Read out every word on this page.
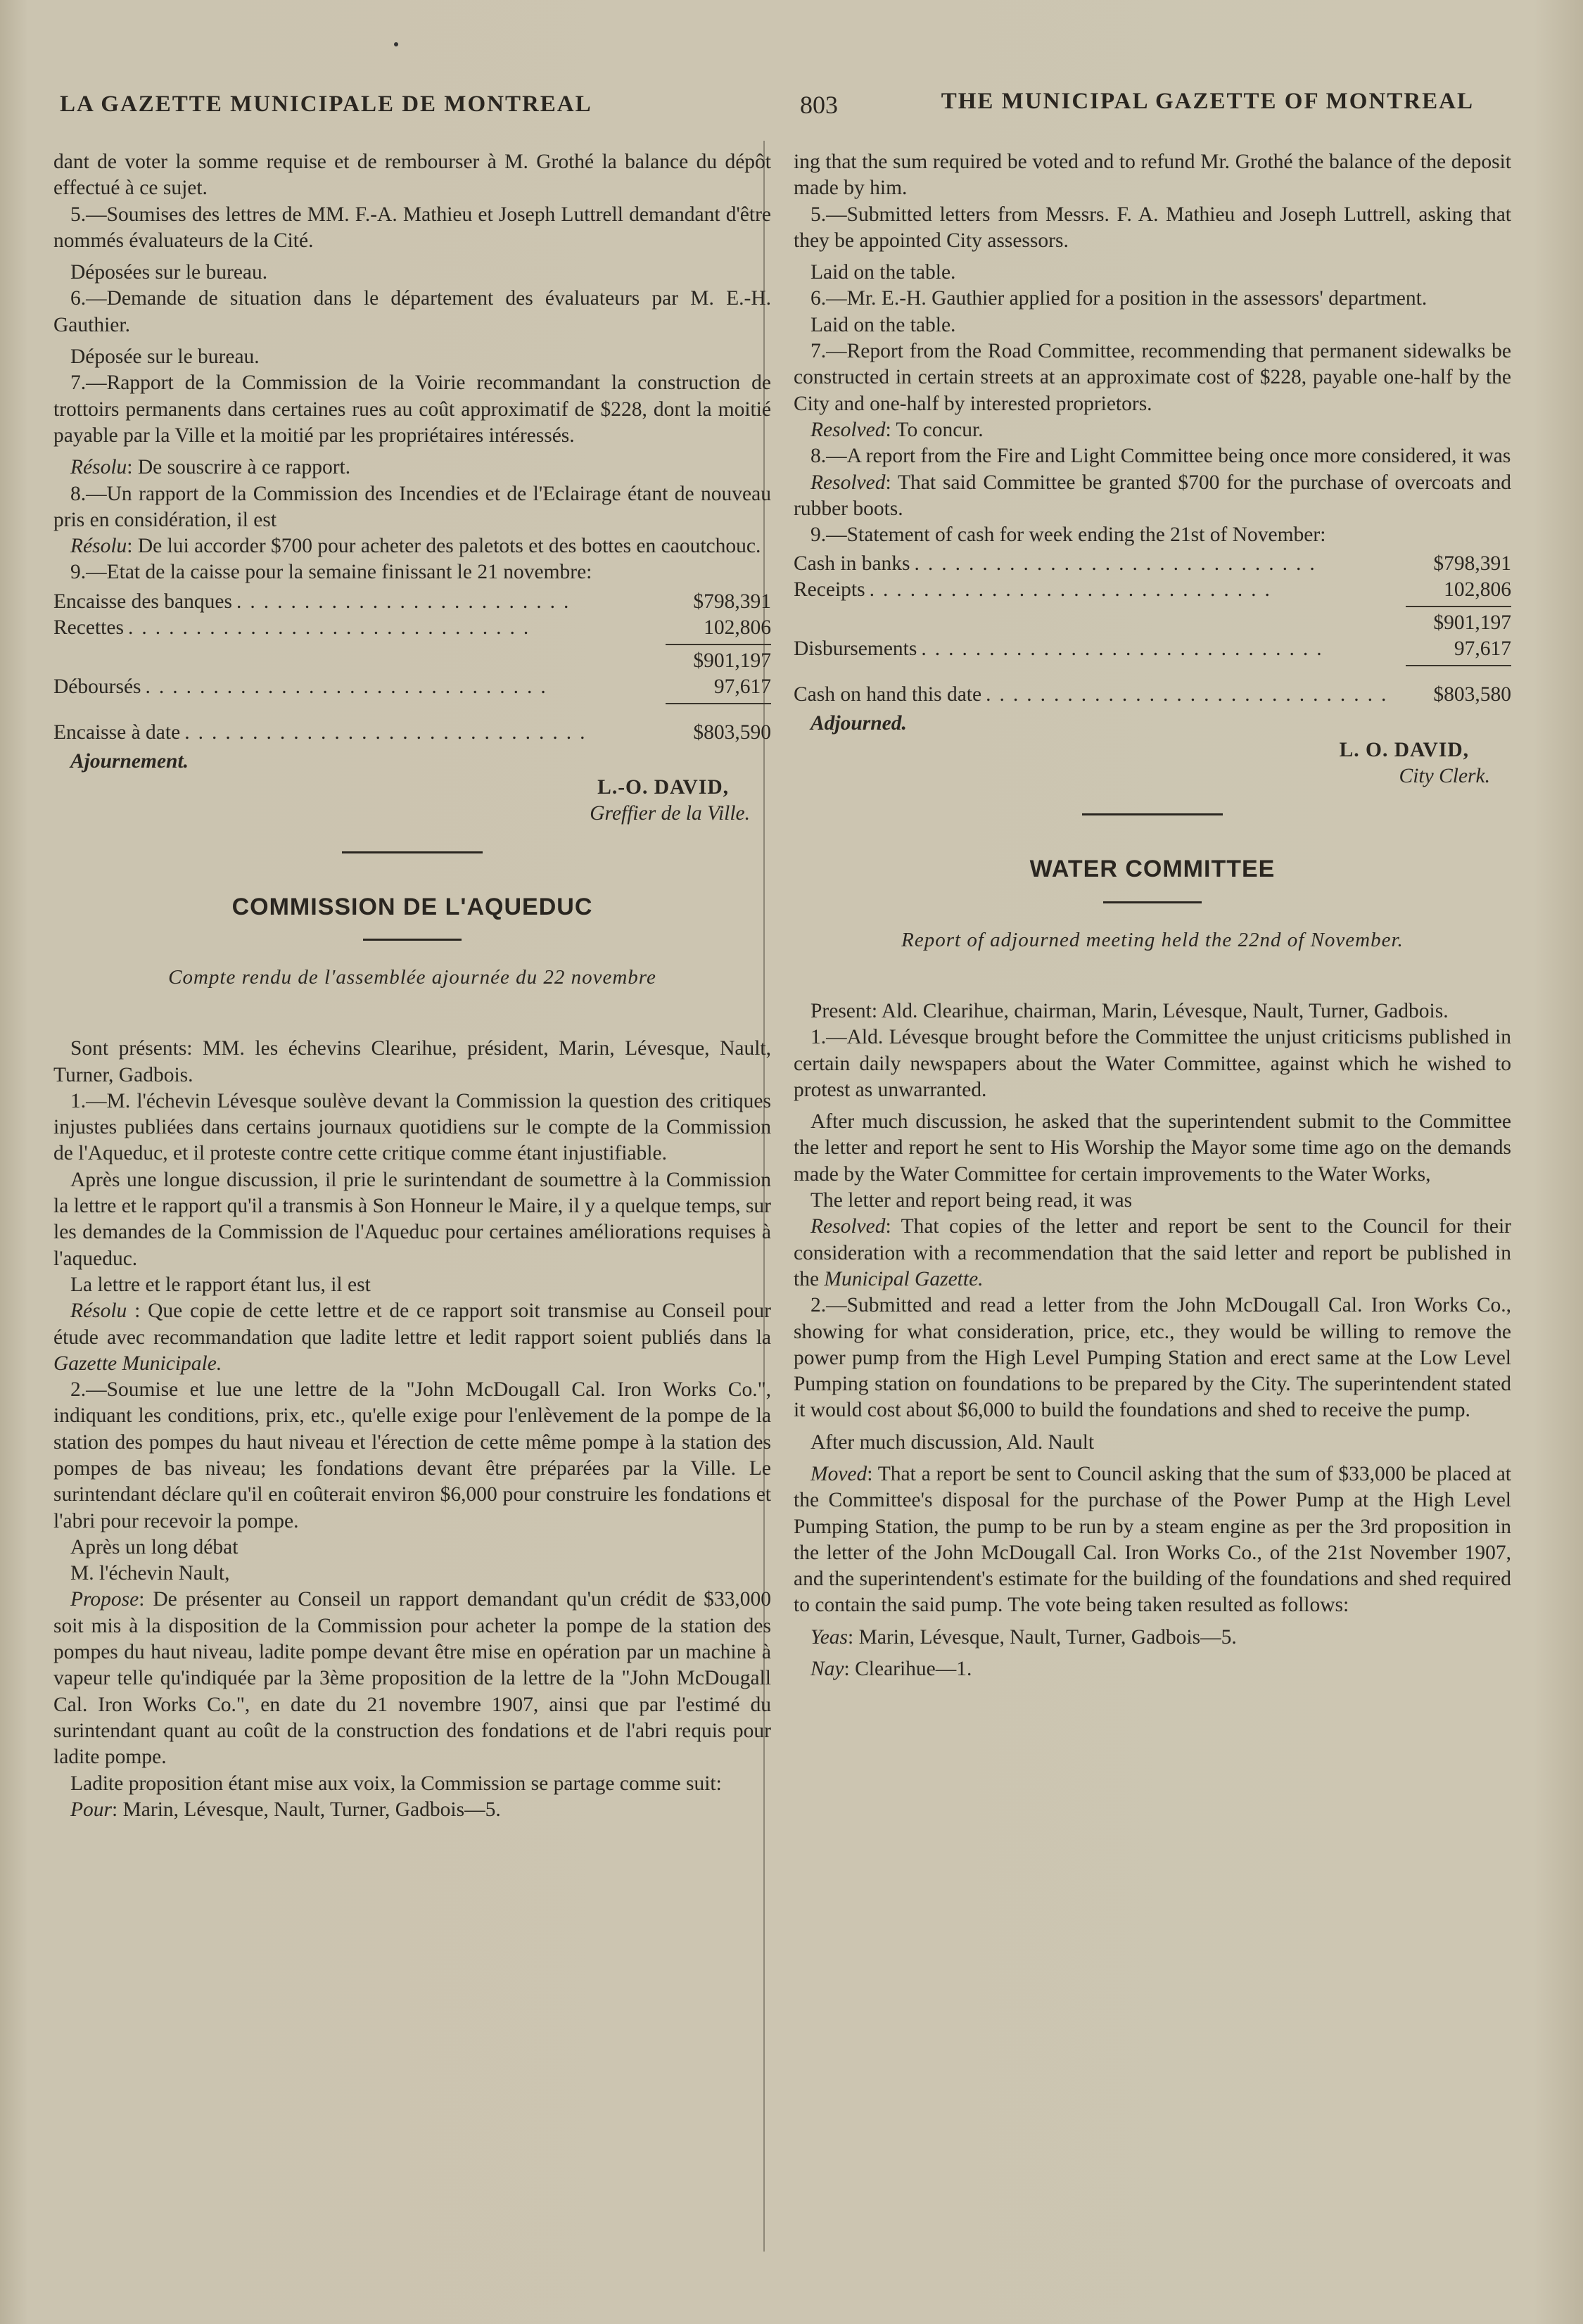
LA GAZETTE MUNICIPALE DE MONTREAL	803	THE MUNICIPAL GAZETTE OF MONTREAL

dant de voter la somme requise et de rembourser à M. Grothé la balance du dépôt effectué à ce sujet.

5.—Soumises des lettres de MM. F.-A. Mathieu et Joseph Luttrell demandant d'être nommés évaluateurs de la Cité.

Déposées sur le bureau.

6.—Demande de situation dans le département des évaluateurs par M. E.-H. Gauthier.

Déposée sur le bureau.

7.—Rapport de la Commission de la Voirie recommandant la construction de trottoirs permanents dans certaines rues au coût approximatif de $228, dont la moitié payable par la Ville et la moitié par les propriétaires intéressés.

Résolu: De souscrire à ce rapport.

8.—Un rapport de la Commission des Incendies et de l'Eclairage étant de nouveau pris en considération, il est

Résolu: De lui accorder $700 pour acheter des paletots et des bottes en caoutchouc.

9.—Etat de la caisse pour la semaine finissant le 21 novembre:

Encaisse des banques .........................	$798,391
Recettes ..............................	102,806
$901,197
Déboursés ..............................	97,617
Encaisse à date ..............................	$803,590

Ajournement.

L.-O. DAVID,

Greffier de la Ville.

COMMISSION DE L'AQUEDUC
Compte rendu de l'assemblée ajournée du 22 novembre

Sont présents: MM. les échevins Clearihue, président, Marin, Lévesque, Nault, Turner, Gadbois.

1.—M. l'échevin Lévesque soulève devant la Commission la question des critiques injustes publiées dans certains journaux quotidiens sur le compte de la Commission de l'Aqueduc, et il proteste contre cette critique comme étant injustifiable.

Après une longue discussion, il prie le surintendant de soumettre à la Commission la lettre et le rapport qu'il a transmis à Son Honneur le Maire, il y a quelque temps, sur les demandes de la Commission de l'Aqueduc pour certaines améliorations requises à l'aqueduc.

La lettre et le rapport étant lus, il est

Résolu : Que copie de cette lettre et de ce rapport soit transmise au Conseil pour étude avec recommandation que ladite lettre et ledit rapport soient publiés dans la Gazette Municipale.

2.—Soumise et lue une lettre de la "John McDougall Cal. Iron Works Co.", indiquant les conditions, prix, etc., qu'elle exige pour l'enlèvement de la pompe de la station des pompes du haut niveau et l'érection de cette même pompe à la station des pompes de bas niveau; les fondations devant être préparées par la Ville. Le surintendant déclare qu'il en coûterait environ $6,000 pour construire les fondations et l'abri pour recevoir la pompe.

Après un long débat

M. l'échevin Nault,

Propose: De présenter au Conseil un rapport demandant qu'un crédit de $33,000 soit mis à la disposition de la Commission pour acheter la pompe de la station des pompes du haut niveau, ladite pompe devant être mise en opération par un machine à vapeur telle qu'indiquée par la 3ème proposition de la lettre de la "John McDougall Cal. Iron Works Co.", en date du 21 novembre 1907, ainsi que par l'estimé du surintendant quant au coût de la construction des fondations et de l'abri requis pour ladite pompe.

Ladite proposition étant mise aux voix, la Commission se partage comme suit:

Pour: Marin, Lévesque, Nault, Turner, Gadbois—5.

ing that the sum required be voted and to refund Mr. Grothé the balance of the deposit made by him.

5.—Submitted letters from Messrs. F. A. Mathieu and Joseph Luttrell, asking that they be appointed City assessors.

Laid on the table.

6.—Mr. E.-H. Gauthier applied for a position in the assessors' department.

Laid on the table.

7.—Report from the Road Committee, recommending that permanent sidewalks be constructed in certain streets at an approximate cost of $228, payable one-half by the City and one-half by interested proprietors.

Resolved: To concur.

8.—A report from the Fire and Light Committee being once more considered, it was

Resolved: That said Committee be granted $700 for the purchase of overcoats and rubber boots.

9.—Statement of cash for week ending the 21st of November:

Cash in banks ..............................	$798,391
Receipts ..............................	102,806
$901,197
Disbursements ..............................	97,617
Cash on hand this date ..............................	$803,580

Adjourned.

L. O. DAVID,

City Clerk.

WATER COMMITTEE
Report of adjourned meeting held the 22nd of November.

Present: Ald. Clearihue, chairman, Marin, Lévesque, Nault, Turner, Gadbois.

1.—Ald. Lévesque brought before the Committee the unjust criticisms published in certain daily newspapers about the Water Committee, against which he wished to protest as unwarranted.

After much discussion, he asked that the superintendent submit to the Committee the letter and report he sent to His Worship the Mayor some time ago on the demands made by the Water Committee for certain improvements to the Water Works,

The letter and report being read, it was

Resolved: That copies of the letter and report be sent to the Council for their consideration with a recommendation that the said letter and report be published in the Municipal Gazette.

2.—Submitted and read a letter from the John McDougall Cal. Iron Works Co., showing for what consideration, price, etc., they would be willing to remove the power pump from the High Level Pumping Station and erect same at the Low Level Pumping station on foundations to be prepared by the City. The superintendent stated it would cost about $6,000 to build the foundations and shed to receive the pump.

After much discussion, Ald. Nault

Moved: That a report be sent to Council asking that the sum of $33,000 be placed at the Committee's disposal for the purchase of the Power Pump at the High Level Pumping Station, the pump to be run by a steam engine as per the 3rd proposition in the letter of the John McDougall Cal. Iron Works Co., of the 21st November 1907, and the superintendent's estimate for the building of the foundations and shed required to contain the said pump. The vote being taken resulted as follows:

Yeas: Marin, Lévesque, Nault, Turner, Gadbois—5.

Nay: Clearihue—1.
